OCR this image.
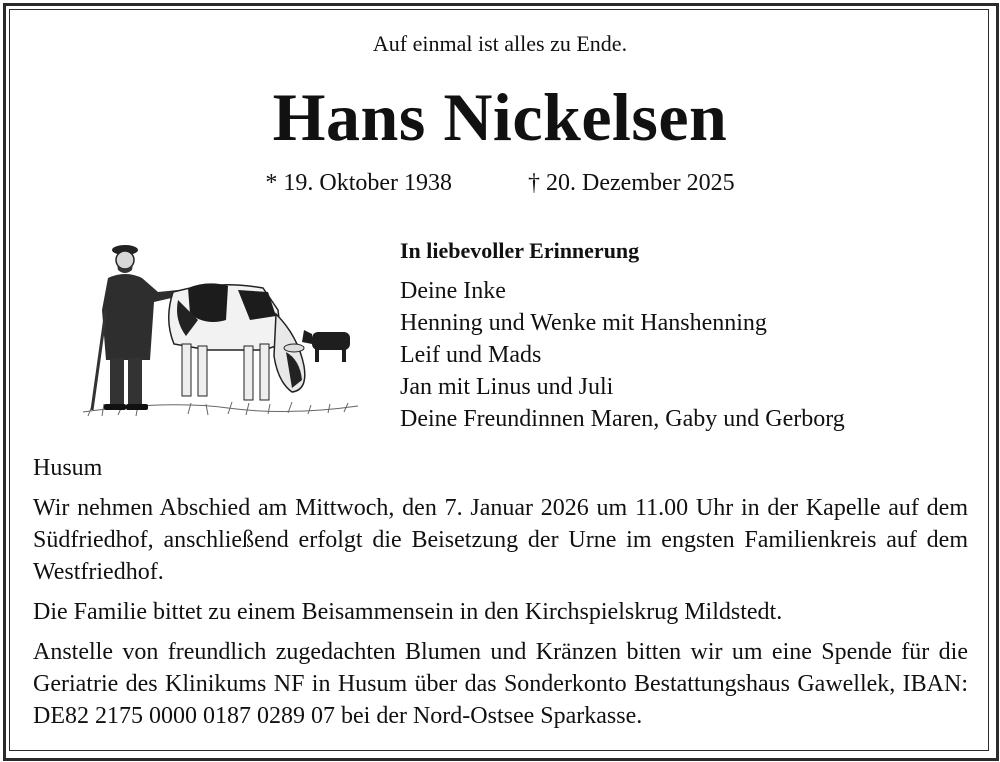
Auf einmal ist alles zu Ende.
Hans Nickelsen
* 19. Oktober 1938	† 20. Dezember 2025
In liebevoller Erinnerung
Deine Inke
Henning und Wenke mit Hanshenning
Leif und Mads
Jan mit Linus und Juli
Deine Freundinnen Maren, Gaby und Gerborg
Husum

Wir nehmen Abschied am Mittwoch, den 7. Januar 2026 um 11.00 Uhr in der Kapelle auf dem Südfriedhof, anschließend erfolgt die Beisetzung der Urne im engsten Familienkreis auf dem Westfriedhof.

Die Familie bittet zu einem Beisammensein in den Kirchspielskrug Mildstedt.

Anstelle von freundlich zugedachten Blumen und Kränzen bitten wir um eine Spende für die Geriatrie des Klinikums NF in Husum über das Sonderkonto Bestattungshaus Gawellek, IBAN: DE82 2175 0000 0187 0289 07 bei der Nord-Ostsee Sparkasse.
